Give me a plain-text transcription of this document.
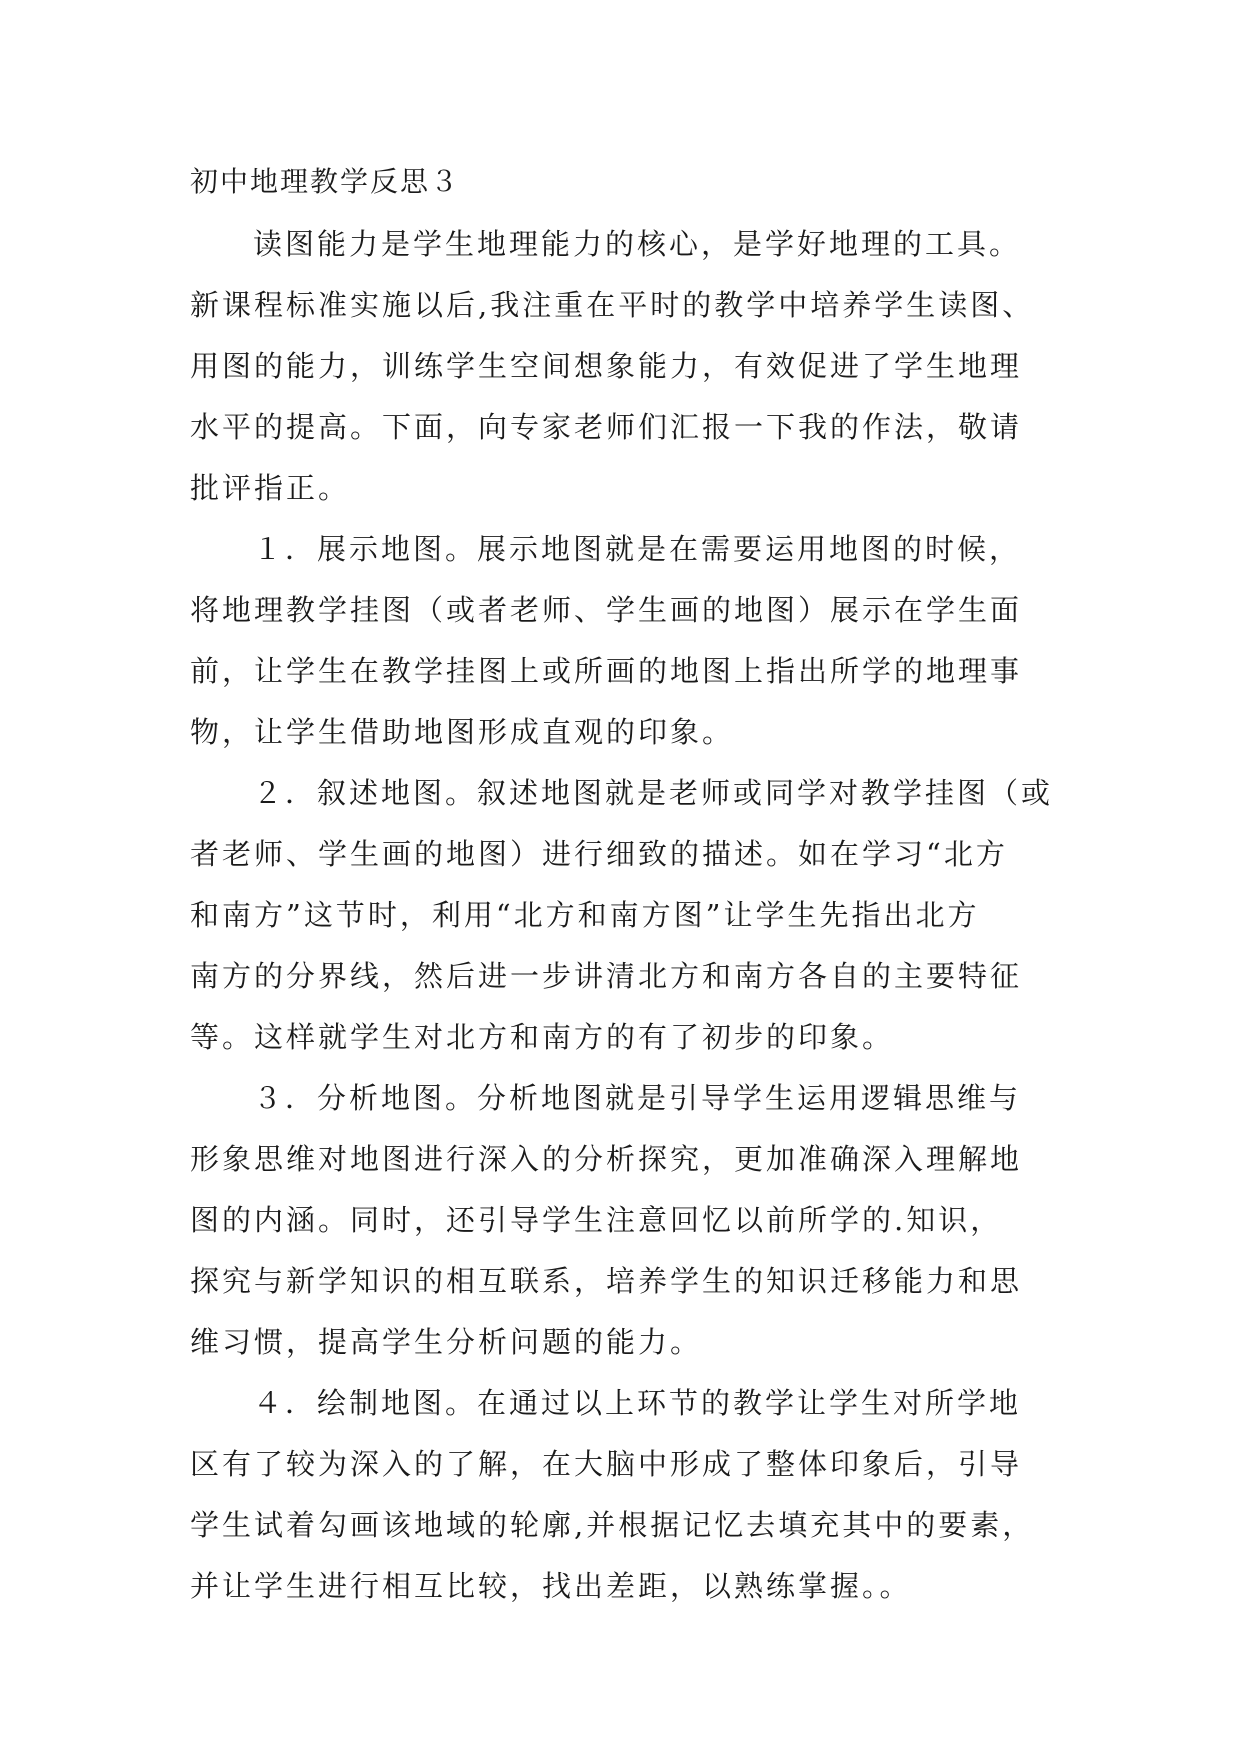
初中地理教学反思３
读图能力是学生地理能力的核心，是学好地理的工具。
新课程标准实施以后,我注重在平时的教学中培养学生读图、
用图的能力，训练学生空间想象能力，有效促进了学生地理
水平的提高。下面，向专家老师们汇报一下我的作法，敬请
批评指正。
１．展示地图。展示地图就是在需要运用地图的时候，
将地理教学挂图（或者老师、学生画的地图）展示在学生面
前，让学生在教学挂图上或所画的地图上指出所学的地理事
物，让学生借助地图形成直观的印象。
２．叙述地图。叙述地图就是老师或同学对教学挂图（或
者老师、学生画的地图）进行细致的描述。如在学习“北方
和南方”这节时，利用“北方和南方图”让学生先指出北方
南方的分界线，然后进一步讲清北方和南方各自的主要特征
等。这样就学生对北方和南方的有了初步的印象。
３．分析地图。分析地图就是引导学生运用逻辑思维与
形象思维对地图进行深入的分析探究，更加准确深入理解地
图的内涵。同时，还引导学生注意回忆以前所学的.知识，
探究与新学知识的相互联系，培养学生的知识迁移能力和思
维习惯，提高学生分析问题的能力。
４．绘制地图。在通过以上环节的教学让学生对所学地
区有了较为深入的了解，在大脑中形成了整体印象后，引导
学生试着勾画该地域的轮廓,并根据记忆去填充其中的要素，
并让学生进行相互比较，找出差距，以熟练掌握。。
